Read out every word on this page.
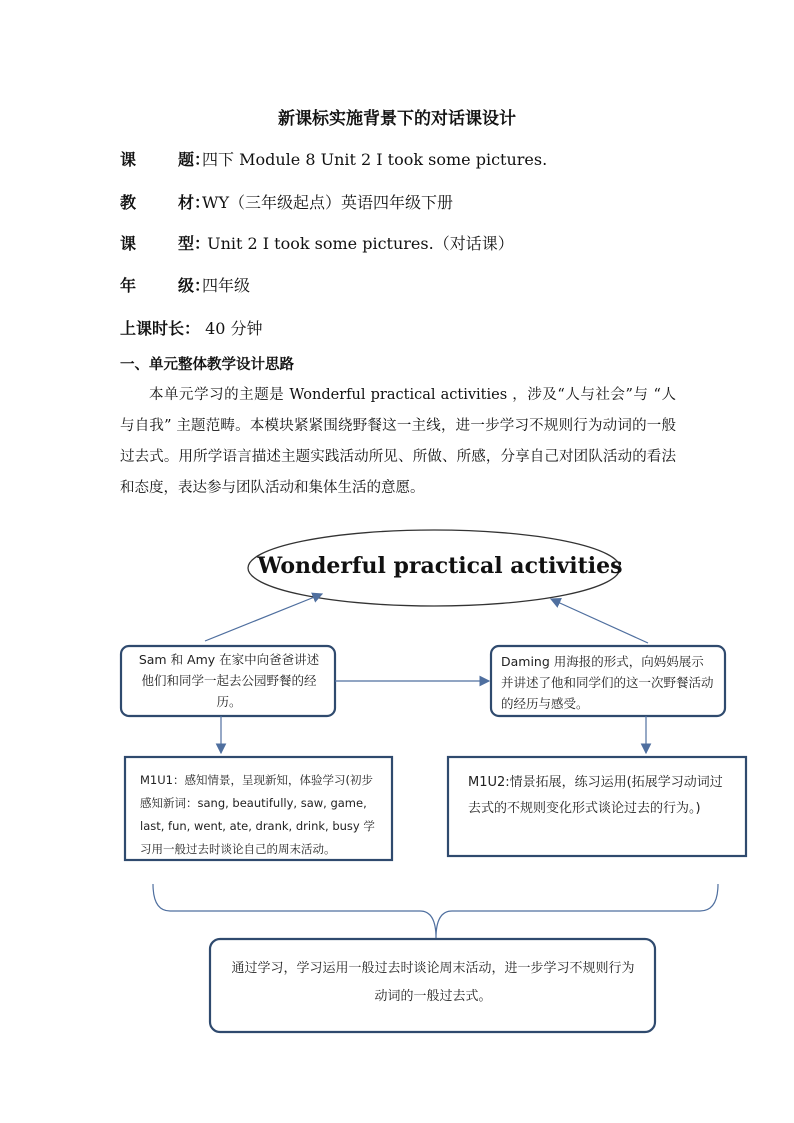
新课标实施背景下的对话课设计
课	题：四下 Module 8 Unit 2 I took some pictures.
教	材：WY（三年级起点）英语四年级下册
课	型： Unit 2 I took some pictures.（对话课）
年	级：四年级
上课时长： 40 分钟
一、单元整体教学设计思路

本单元学习的主题是 Wonderful practical activities ，涉及“人与社会”与 “人与自我” 主题范畴。本模块紧紧围绕野餐这一主线，进一步学习不规则行为动词的一般过去式。用所学语言描述主题实践活动所见、所做、所感，分享自己对团队活动的看法和态度，表达参与团队活动和集体生活的意愿。

Wonderful practical activities
Sam 和 Amy 在家中向爸爸讲述他们和同学一起去公园野餐的经历。
Daming 用海报的形式，向妈妈展示并讲述了他和同学们的这一次野餐活动的经历与感受。
M1U1：感知情景，呈现新知，体验学习(初步感知新词：sang, beautifully, saw, game, last, fun, went, ate, drank, drink, busy 学习用一般过去时谈论自己的周末活动。
M1U2:情景拓展，练习运用(拓展学习动词过去式的不规则变化形式谈论过去的行为。)
通过学习，学习运用一般过去时谈论周末活动，进一步学习不规则行为动词的一般过去式。
